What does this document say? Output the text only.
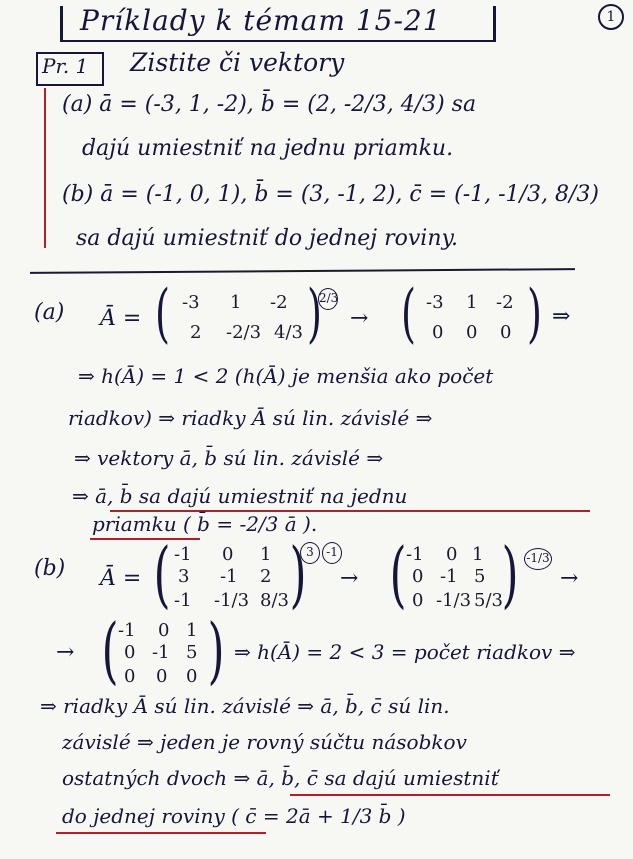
Príklady k témam 15-21	1
Pr. 1 Zistite či vektory
(a) ā = (-3, 1, -2), b̄ = (2, -2/3, 4/3) sa
dajú umiestniť na jednu priamku.
(b) ā = (-1, 0, 1), b̄ = (3, -1, 2), c̄ = (-1, -1/3, 8/3)
sa dajú umiestniť do jednej roviny.
(a) Ā = ( -3 1 -2
2 -2/3 4/3 )
2/3
→ ( -3 1 -2
0 0 0 ) ⇒
⇒ h(Ā) = 1 < 2 (h(Ā) je menšia ako počet
riadkov) ⇒ riadky Ā sú lin. závislé ⇒
⇒ vektory ā, b̄ sú lin. závislé ⇒
⇒ ā, b̄ sa dajú umiestniť na jednu
priamku ( b̄ = -2/3 ā ).
(b) Ā = ( -1 0 1
3 -1 2
-1 -1/3 8/3 ) 3	-1
→ ( -1 0 1
0 -1 5
0 -1/3 5/3
) -1/3
→
→ ( -1 0 1
0 -1 5
0 0 0 ) ⇒ h(Ā) = 2 < 3 = počet riadkov ⇒
⇒ riadky Ā sú lin. závislé ⇒ ā, b̄, c̄ sú lin.
závislé ⇒ jeden je rovný súčtu násobkov
ostatných dvoch ⇒ ā, b̄, c̄ sa dajú umiestniť
do jednej roviny ( c̄ = 2ā + 1/3 b̄ )
